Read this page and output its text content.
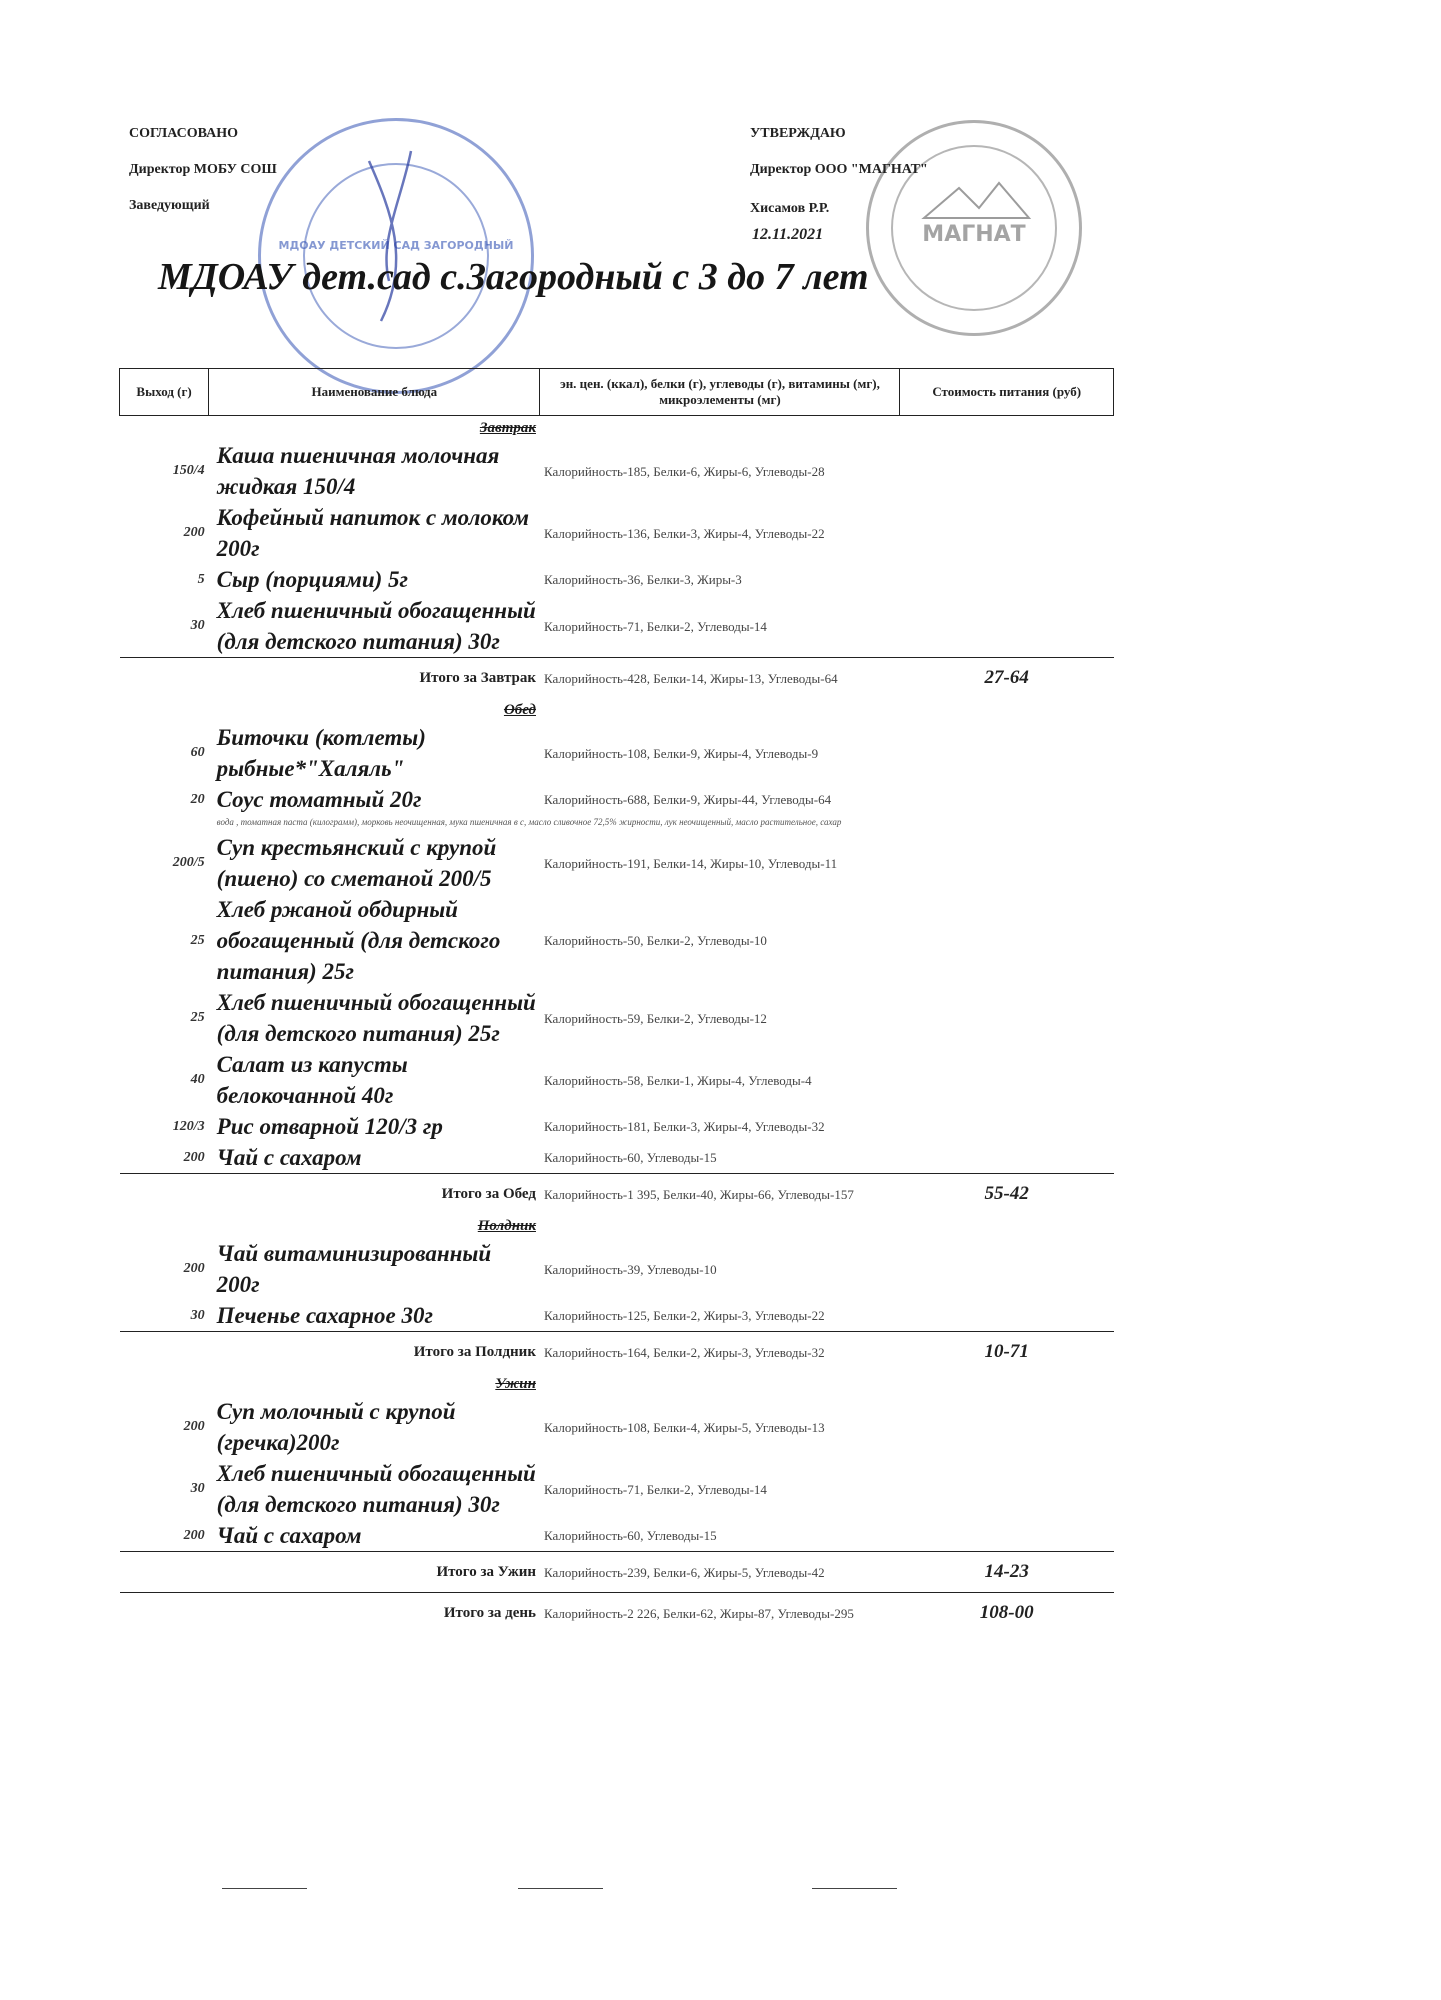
МДОАУ ДЕТСКИЙ САД ЗАГОРОДНЫЙ	МАГНАТ
СОГЛАСОВАНО
Директор МОБУ СОШ
Заведующий
УТВЕРЖДАЮ
Директор ООО "МАГНАТ"
Хисамов Р.Р.
12.11.2021
МДОАУ дет.сад с.Загородный с 3 до 7 лет
Выход (г)	Наименование блюда	эн. цен. (ккал), белки (г), углеводы (г), витамины (мг), микроэлементы (мг)	Стоимость питания (руб)
Завтрак			
150/4	Каша пшеничная молочная жидкая 150/4	Калорийность-185, Белки-6, Жиры-6, Углеводы-28	
200	Кофейный напиток с молоком 200г	Калорийность-136, Белки-3, Жиры-4, Углеводы-22	
5	Сыр (порциями) 5г	Калорийность-36, Белки-3, Жиры-3	
30	Хлеб пшеничный обогащенный (для детского питания) 30г	Калорийность-71, Белки-2, Углеводы-14	
Итого за Завтрак		Калорийность-428, Белки-14, Жиры-13, Углеводы-64	27-64
Обед			
60	Биточки (котлеты) рыбные*"Халяль"	Калорийность-108, Белки-9, Жиры-4, Углеводы-9	
20	Соус томатный 20г	Калорийность-688, Белки-9, Жиры-44, Углеводы-64	
	вода , томатная паста (килограмм), морковь неочищенная, мука пшеничная в с, масло сливочное 72,5% жирности, лук неочищенный, масло растительное, сахар		
200/5	Суп крестьянский с крупой (пшено) со сметаной 200/5	Калорийность-191, Белки-14, Жиры-10, Углеводы-11	
25	Хлеб ржаной обдирный обогащенный (для детского питания) 25г	Калорийность-50, Белки-2, Углеводы-10	
25	Хлеб пшеничный обогащенный (для детского питания) 25г	Калорийность-59, Белки-2, Углеводы-12	
40	Салат из капусты белокочанной 40г	Калорийность-58, Белки-1, Жиры-4, Углеводы-4	
120/3	Рис отварной 120/3 гр	Калорийность-181, Белки-3, Жиры-4, Углеводы-32	
200	Чай с сахаром	Калорийность-60, Углеводы-15	
Итого за Обед		Калорийность-1 395, Белки-40, Жиры-66, Углеводы-157	55-42
Полдник			
200	Чай витаминизированный 200г	Калорийность-39, Углеводы-10	
30	Печенье сахарное 30г	Калорийность-125, Белки-2, Жиры-3, Углеводы-22	
Итого за Полдник		Калорийность-164, Белки-2, Жиры-3, Углеводы-32	10-71
Ужин			
200	Суп молочный с крупой (гречка)200г	Калорийность-108, Белки-4, Жиры-5, Углеводы-13	
30	Хлеб пшеничный обогащенный (для детского питания) 30г	Калорийность-71, Белки-2, Углеводы-14	
200	Чай с сахаром	Калорийность-60, Углеводы-15	
Итого за Ужин		Калорийность-239, Белки-6, Жиры-5, Углеводы-42	14-23
Итого за день		Калорийность-2 226, Белки-62, Жиры-87, Углеводы-295	108-00
